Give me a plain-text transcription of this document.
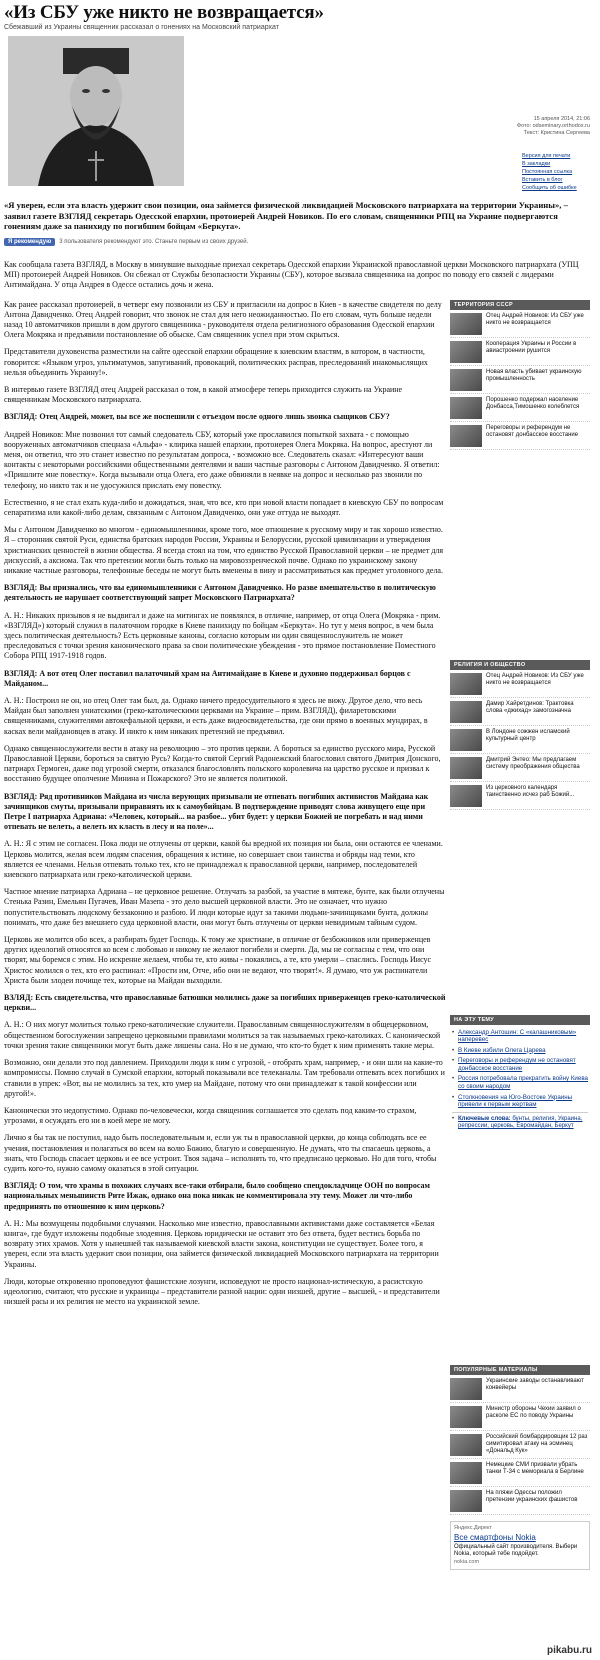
«Из СБУ уже никто не возвращается»
Сбежавший из Украины священник рассказал о гонениях на Московский патриархат
15 апреля 2014, 21:06
Фото: odseminary.orthodox.ru
Текст: Кристина Сергеева
Версия для печати
В закладки
Постоянная ссылка
Вставить в блог
Сообщить об ошибке
«Я уверен, если эта власть удержит свои позиции, она займется физической ликвидацией Московского патриархата на территории Украины», – заявил газете ВЗГЛЯД секретарь Одесской епархии, протоиерей Андрей Новиков. По его словам, священники РПЦ на Украине подвергаются гонениям даже за панихиду по погибшим бойцам «Беркута».
Я рекомендую	3 пользователя рекомендуют это. Станьте первым из своих друзей.
Как сообщала газета ВЗГЛЯД, в Москву в минувшие выходные приехал секретарь Одесской епархии Украинской православной церкви Московского патриархата (УПЦ МП) протоиерей Андрей Новиков. Он сбежал от Службы безопасности Украины (СБУ), которое вызвала священника на допрос по поводу его связей с лидерами Антимайдана. У отца Андрея в Одессе остались дочь и жена.

Как ранее рассказал протоиерей, в четверг ему позвонили из СБУ и пригласили на допрос в Киев - в качестве свидетеля по делу Антона Давидченко. Отец Андрей говорит, что звонок не стал для него неожиданностью. По его словам, чуть больше недели назад 10 автоматчиков пришли в дом другого священника - руководителя отдела религиозного образования Одесской епархии Олега Мокряка и предъявили постановление об обыске. Сам священник успел при этом скрыться.

Представители духовенства разместили на сайте одесской епархии обращение к киевским властям, в котором, в частности, говорится: «Языком угроз, ультиматумов, запугиваний, провокаций, политических расправ, преследований инакомыслящих нельзя объединить Украину!».

В интервью газете ВЗГЛЯД отец Андрей рассказал о том, в какой атмосфере теперь приходится служить на Украине священникам Московского патриархата.

ВЗГЛЯД: Отец Андрей, может, вы все же поспешили с отъездом после одного лишь звонка сыщиков СБУ?

Андрей Новиков: Мне позвонил тот самый следователь СБУ, который уже прославился попыткой захвата - с помощью вооруженных автоматчиков спецназа «Альфа» - клирика нашей епархии, протоиерея Олега Мокряка. На вопрос, арестуют ли меня, он ответил, что это станет известно по результатам допроса, - возможно все. Следователь сказал: «Интересуют ваши контакты с некоторыми российскими общественными деятелями и ваши частные разговоры с Антоном Давидченко. Я ответил: «Пришлите мне повестку». Когда вызывали отца Олега, его даже обвиняли в неявке на допрос и несколько раз звонили по телефону, но никто так и не удосужился прислать ему повестку.

Естественно, я не стал ехать куда-либо и дожидаться, зная, что все, кто при новой власти попадает в киевскую СБУ по вопросам сепаратизма или какой-либо делам, связанным с Антоном Давидченко, они уже оттуда не выходят.

Мы с Антоном Давидченко во многом - единомышленники, кроме того, мое отношение к русскому миру и так хорошо известно. Я – сторонник святой Руси, единства братских народов России, Украины и Белоруссии, русской цивилизации и утверждения христианских ценностей в жизни общества. Я всегда стоял на том, что единство Русской Православной церкви – не предмет для дискуссий, а аксиома. Так что претензии могли быть только на мировоззренческой почве. Однако по украинскому закону никакие частные разговоры, телефонные беседы не могут быть вменены в вину и рассматриваться как предмет уголовного дела.

ВЗГЛЯД: Вы признались, что вы единомышленники с Антоном Давидченко. Но разве вмешательство в политическую деятельность не нарушает соответствующий запрет Московского Патриархата?

А. Н.: Никаких призывов я не выдвигал и даже на митингах не появлялся, в отличие, например, от отца Олега (Мокряка - прим. «ВЗГЛЯД») который служил в палаточном городке в Киеве панихиду по бойцам «Беркута». Но тут у меня вопрос, в чем была здесь политическая деятельность? Есть церковные каноны, согласно которым ни один священнослужитель не может преследоваться с точки зрения канонического права за свои политические убеждения - это прямое постановление Поместного Собора РПЦ 1917-1918 годов.

ВЗГЛЯД: А вот отец Олег поставил палаточный храм на Антимайдане в Киеве и духовно поддерживал борцов с Майданом...

А. Н.: Построил не он, но отец Олег там был, да. Однако ничего предосудительного я здесь не вижу. Другое дело, что весь Майдан был заполнен униатскими (греко-католическими церквами на Украине – прим. ВЗГЛЯД), филаретовскими священниками, служителями автокефальной церкви, и есть даже видеосвидетельства, где они прямо в военных мундирах, в касках вели майдановцев в атаку. И никто к ним никаких претензий не предъявил.

Однако священнослужители вести в атаку на революцию – это против церкви. А бороться за единство русского мира, Русской Православной Церкви, бороться за святую Русь? Когда-то святой Сергий Радонежский благословил святого Дмитрия Донского, патриарх Гермоген, даже под угрозой смерти, отказался благословлять польского королевича на царство русское и призвал к восстанию будущее ополчение Минина и Пожарского? Это не является политикой.

ВЗГЛЯД: Ряд противников Майдана из числа верующих призывали не отпевать погибших активистов Майдана как зачинщиков смуты, призывали приравнять их к самоубийцам. В подтверждение приводят слова живущего еще при Петре I патриарха Адриана: «Человек, который... на разбое... убит будет: у церкви Божией не погребать и над ними отпевать не велеть, а велеть их класть в лесу и на поле»...

А. Н.: Я с этим не согласен. Пока люди не отлучены от церкви, какой бы вредной их позиция ни была, они остаются ее членами. Церковь молится, желая всем людям спасения, обращения к истине, но совершает свои таинства и обряды над теми, кто является ее членами. Нельзя отпевать только тех, кто не принадлежал к православной церкви, например, последователей киевского патриархата или греко-католической церкви.

Частное мнение патриарха Адриана – не церковное решение. Отлучать за разбой, за участие в мятеже, бунте, как были отлучены Стенька Разин, Емельян Пугачев, Иван Мазепа - это дело высшей церковной власти. Это не означает, что нужно попустительствовать людскому беззаконию и разбою. И люди которые идут за такими людьми-зачинщиками бунта, должны понимать, что даже без внешнего суда церковной власти, они могут быть отлучены от церкви невидимым тайным судом.

Церковь же молится обо всех, а разбирать будет Господь. К тому же христиане, в отличие от безбожников или приверженцев других идеологий относятся ко всем с любовью и никому не желают погибели и смерти. Да, мы не согласны с тем, что они творят, мы боремся с этим. Но искренне желаем, чтобы те, кто живы - покаялись, а те, кто умерли – спаслись. Господь Иисус Христос молился о тех, кто его распинал: «Прости им, Отче, ибо они не ведают, что творят!». Я думаю, что уж распинатели Христа были злодеи почище тех, которые на Майдан выходили.

ВЗЛЯД: Есть свидетельства, что православные батюшки молились даже за погибших приверженцев греко-католической церкви...

А. Н.: О них могут молиться только греко-католические служители. Православным священнослужителям в общецерковном, общественном богослужении запрещено церковными правилами молиться за так называемых греко-католиках. С канонической точки зрения такие священники могут быть даже лишены сана. Но я не думаю, что кто-то будет к ним применять такие меры.

Возможно, они делали это под давлением. Приходили люди к ним с угрозой, - отобрать храм, например, - и они шли на какие-то компромиссы. Помню случай в Сумской епархии, который показывали все телеканалы. Там требовали отпевать всех погибших и ставили в упрек: «Вот, вы не молились за тех, кто умер на Майдане, потому что они принадлежат к такой конфессии или другой!».

Канонически это недопустимо. Однако по-человечески, когда священник соглашается это сделать под каким-то страхом, угрозами, я осуждать его ни в коей мере не могу.

Лично я бы так не поступил, надо быть последовательным и, если уж ты в православной церкви, до конца соблюдать все ее учения, постановления и полагаться во всем на волю Божию, благую и совершенную. Не думать, что ты спасаешь церковь, а знать, что Господь спасает церковь и ее все устроит. Твоя задача – исполнять то, что предписано церковью. Но для того, чтобы судить кого-то, нужно самому оказаться в этой ситуации.

ВЗГЛЯД: О том, что храмы в похожих случаях все-таки отбирали, было сообщено спецдокладчице ООН по вопросам национальных меньшинств Рите Ижак, однако она пока никак не комментировала эту тему. Может ли что-либо предпринять по отношению к ним церковь?

А. Н.: Мы возмущены подобными случаями. Насколько мне известно, православными активистами даже составляется «Белая книга», где будут изложены подобные злодеяния. Церковь юридически не оставит это без ответа, будет вестись борьба по возврату этих храмов. Хотя у нынешней так называемой киевской власти закона, конституции не существует. Более того, я уверен, если эта власть удержит свои позиции, она займется физической ликвидацией Московского патриархата на территории Украины.

Люди, которые откровенно проповедуют фашистские лозунги, исповедуют не просто национал-истическую, а расистскую идеологию, считают, что русские и украинцы – представители разной нации: одни низшей, другие – высшей, - и представители низшей расы и их религия не место на украинской земле.

ТЕРРИТОРИЯ СССР
Отец Андрей Новиков: Из СБУ уже никто не возвращается
Кооперация Украины и России в авиастроении рушится
Новая власть убивает украинскую промышленность
Порошенко подержал население Донбасса,Тимошенко колеблется
Переговоры и референдум не остановят донбасское восстание
РЕЛИГИЯ И ОБЩЕСТВО
Отец Андрей Новиков: Из СБУ уже никто не возвращается
Дамир Хайретдинов: Трактовка слова «джихад» замогозначна
В Лондоне сожжен исламский культурный центр
Дмитрий Энтео: Мы предлагаем систему преображения общества
Из церковного календаря таинственно исчез раб Божий...
НА ЭТУ ТЕМУ
• Александр Антошин: С «калашниковым» наперевес
• В Киеве избили Олега Царева
• Переговоры и референдум не остановят донбасское восстание
• Россия потребовала прекратить войну Киева со своим народом
• Столкновения на Юго-Востоке Украины привели к первым жертвам
• Ключевые слова: бунты, религия, Украина, репрессии, церковь, Евромайдан, Беркут
ПОПУЛЯРНЫЕ МАТЕРИАЛЫ
Украинские заводы останавливают конвейеры
Министр обороны Чехии заявил о расколе ЕС по поводу Украины
Российский бомбардировщик 12 раз симитировал атаку на эсминец «Дональд Кук»
Немецкие СМИ призвали убрать танки Т-34 с мемориала в Берлине
На пляжи Одессы положил претензии украинских фашистов
Яндекс.Директ
Все смартфоны Nokia
Официальный сайт производителя. Выбери Nokia, который тебе подойдет.
nokia.com
pikabu.ru
